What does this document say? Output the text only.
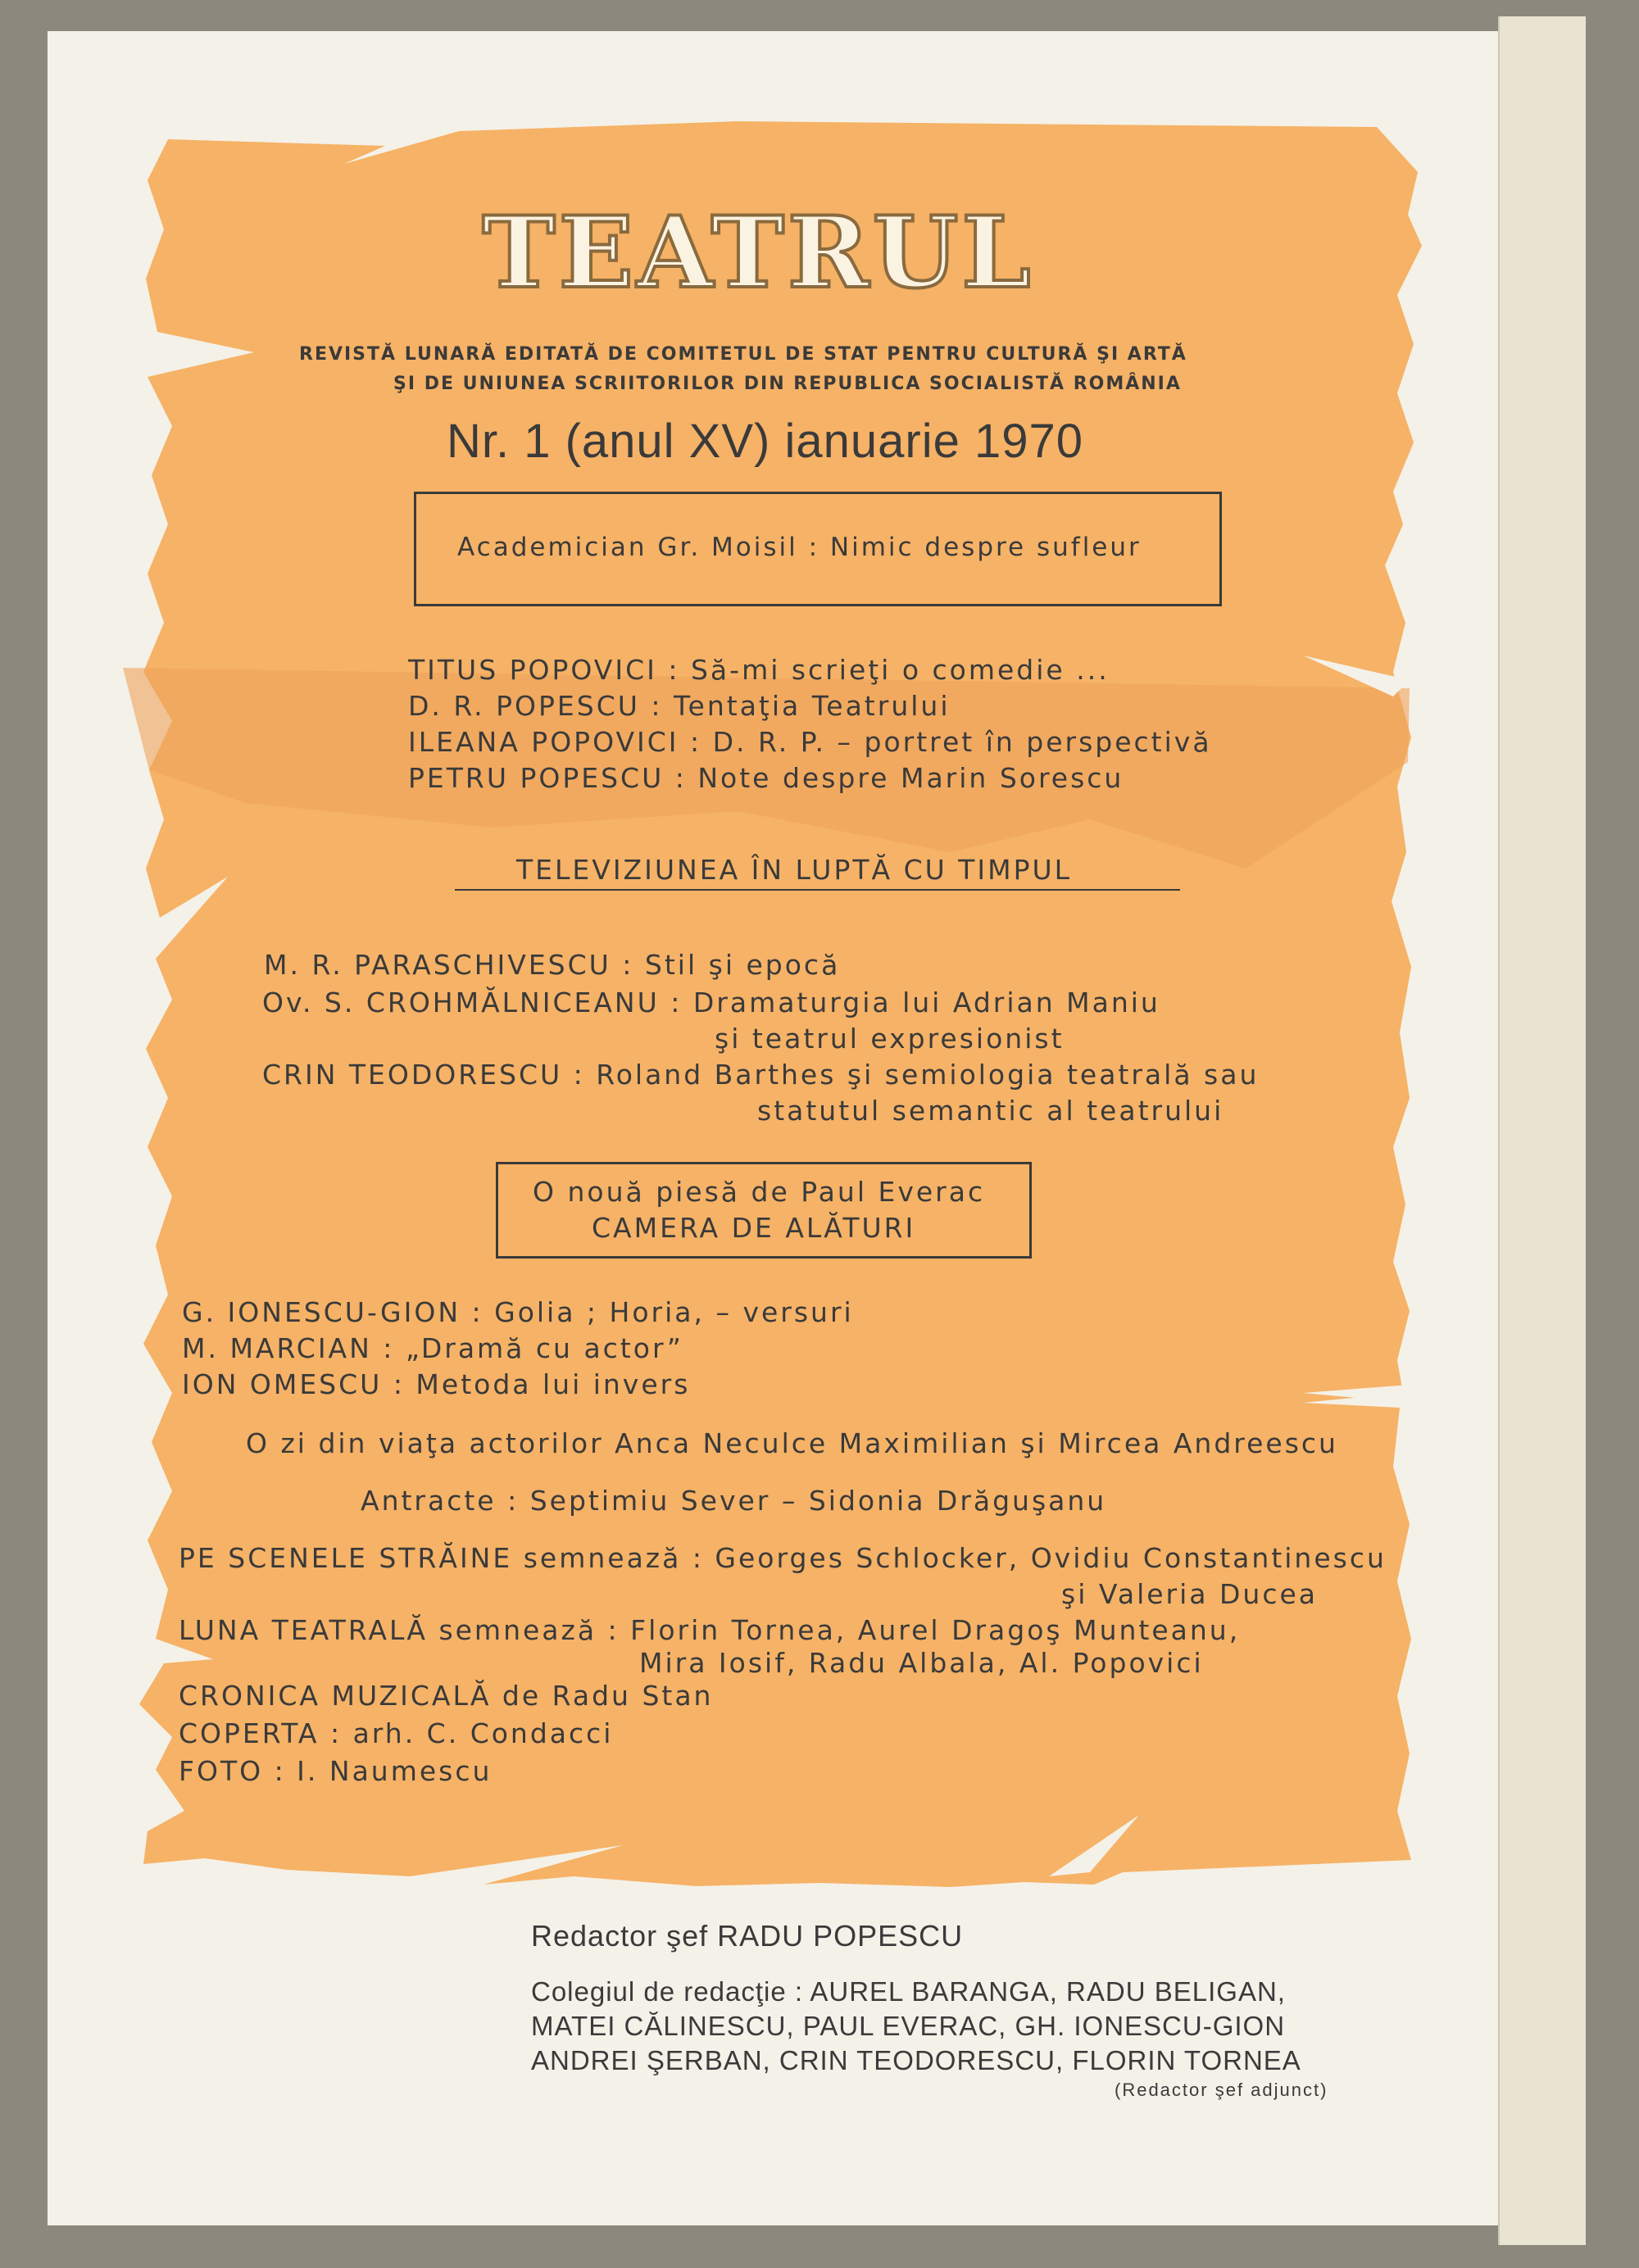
TEATRUL
REVISTĂ LUNARĂ EDITATĂ DE COMITETUL DE STAT PENTRU CULTURĂ ŞI ARTĂ
ŞI DE UNIUNEA SCRIITORILOR DIN REPUBLICA SOCIALISTĂ ROMÂNIA
Nr. 1 (anul XV) ianuarie 1970
Academician Gr. Moisil : Nimic despre sufleur
TITUS POPOVICI : Să-mi scrieţi o comedie ...
D. R. POPESCU : Tentaţia Teatrului
ILEANA POPOVICI : D. R. P. – portret în perspectivă
PETRU POPESCU : Note despre Marin Sorescu
TELEVIZIUNEA ÎN LUPTĂ CU TIMPUL
M. R. PARASCHIVESCU : Stil şi epocă
Ov. S. CROHMĂLNICEANU : Dramaturgia lui Adrian Maniu
şi teatrul expresionist
CRIN TEODORESCU : Roland Barthes şi semiologia teatrală sau
statutul semantic al teatrului
O nouă piesă de Paul Everac
CAMERA DE ALĂTURI
G. IONESCU-GION : Golia ; Horia, – versuri
M. MARCIAN : „Dramă cu actor”
ION OMESCU : Metoda lui invers
O zi din viaţa actorilor Anca Neculce Maximilian şi Mircea Andreescu
Antracte : Septimiu Sever – Sidonia Drăguşanu
PE SCENELE STRĂINE semnează : Georges Schlocker, Ovidiu Constantinescu
şi Valeria Ducea
LUNA TEATRALĂ semnează : Florin Tornea, Aurel Dragoş Munteanu,
Mira Iosif, Radu Albala, Al. Popovici
CRONICA MUZICALĂ de Radu Stan
COPERTA : arh. C. Condacci
FOTO : I. Naumescu
Redactor şef RADU POPESCU
Colegiul de redacţie : AUREL BARANGA, RADU BELIGAN,
MATEI CĂLINESCU, PAUL EVERAC, GH. IONESCU-GION
ANDREI ŞERBAN, CRIN TEODORESCU, FLORIN TORNEA
(Redactor şef adjunct)
